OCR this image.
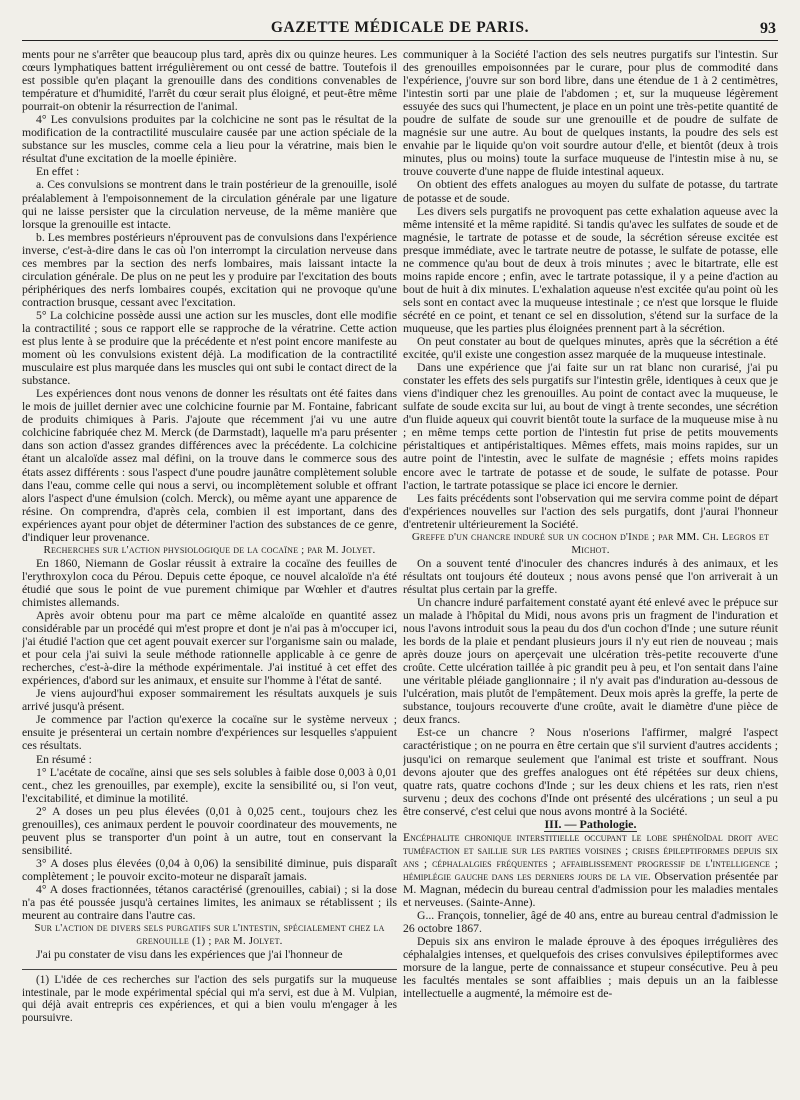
GAZETTE MÉDICALE DE PARIS.	93

ments pour ne s'arrêter que beaucoup plus tard, après dix ou quinze heures. Les cœurs lymphatiques battent irrégulièrement ou ont cessé de battre. Toutefois il est possible qu'en plaçant la grenouille dans des conditions convenables de température et d'humidité, l'arrêt du cœur serait plus éloigné, et peut-être même pourrait-on obtenir la résurrection de l'animal.

4° Les convulsions produites par la colchicine ne sont pas le résultat de la modification de la contractilité musculaire causée par une action spéciale de la substance sur les muscles, comme cela a lieu pour la vératrine, mais bien le résultat d'une excitation de la moelle épinière.

En effet :

a. Ces convulsions se montrent dans le train postérieur de la grenouille, isolé préalablement à l'empoisonnement de la circulation générale par une ligature qui ne laisse persister que la circulation nerveuse, de la même manière que lorsque la grenouille est intacte.

b. Les membres postérieurs n'éprouvent pas de convulsions dans l'expérience inverse, c'est-à-dire dans le cas où l'on interrompt la circulation nerveuse dans ces membres par la section des nerfs lombaires, mais laissant intacte la circulation générale. De plus on ne peut les y produire par l'excitation des bouts périphériques des nerfs lombaires coupés, excitation qui ne provoque qu'une contraction brusque, cessant avec l'excitation.

5° La colchicine possède aussi une action sur les muscles, dont elle modifie la contractilité ; sous ce rapport elle se rapproche de la vératrine. Cette action est plus lente à se produire que la précédente et n'est point encore manifeste au moment où les convulsions existent déjà. La modification de la contractilité musculaire est plus marquée dans les muscles qui ont subi le contact direct de la substance.

Les expériences dont nous venons de donner les résultats ont été faites dans le mois de juillet dernier avec une colchicine fournie par M. Fontaine, fabricant de produits chimiques à Paris. J'ajoute que récemment j'ai vu une autre colchicine fabriquée chez M. Merck (de Darmstadt), laquelle m'a paru présenter dans son action d'assez grandes différences avec la précédente. La colchicine étant un alcaloïde assez mal défini, on la trouve dans le commerce sous des états assez différents : sous l'aspect d'une poudre jaunâtre complètement soluble dans l'eau, comme celle qui nous a servi, ou incomplètement soluble et offrant alors l'aspect d'une émulsion (colch. Merck), ou même ayant une apparence de résine. On comprendra, d'après cela, combien il est important, dans des expériences ayant pour objet de déterminer l'action des substances de ce genre, d'indiquer leur provenance.

Recherches sur l'action physiologique de la cocaïne ; par M. Jolyet.

En 1860, Niemann de Goslar réussit à extraire la cocaïne des feuilles de l'erythroxylon coca du Pérou. Depuis cette époque, ce nouvel alcaloïde n'a été étudié que sous le point de vue purement chimique par Wœhler et d'autres chimistes allemands.

Après avoir obtenu pour ma part ce même alcaloïde en quantité assez considérable par un procédé qui m'est propre et dont je n'ai pas à m'occuper ici, j'ai étudié l'action que cet agent pouvait exercer sur l'organisme sain ou malade, et pour cela j'ai suivi la seule méthode rationnelle applicable à ce genre de recherches, c'est-à-dire la méthode expérimentale. J'ai institué à cet effet des expériences, d'abord sur les animaux, et ensuite sur l'homme à l'état de santé.

Je viens aujourd'hui exposer sommairement les résultats auxquels je suis arrivé jusqu'à présent.

Je commence par l'action qu'exerce la cocaïne sur le système nerveux ; ensuite je présenterai un certain nombre d'expériences sur lesquelles s'appuient ces résultats.

En résumé :

1° L'acétate de cocaïne, ainsi que ses sels solubles à faible dose 0,003 à 0,01 cent., chez les grenouilles, par exemple), excite la sensibilité ou, si l'on veut, l'excitabilité, et diminue la motilité.

2° A doses un peu plus élevées (0,01 à 0,025 cent., toujours chez les grenouilles), ces animaux perdent le pouvoir coordinateur des mouvements, ne peuvent plus se transporter d'un point à un autre, tout en conservant la sensibilité.

3° A doses plus élevées (0,04 à 0,06) la sensibilité diminue, puis disparaît complètement ; le pouvoir excito-moteur ne disparaît jamais.

4° A doses fractionnées, tétanos caractérisé (grenouilles, cabiai) ; si la dose n'a pas été poussée jusqu'à certaines limites, les animaux se rétablissent ; ils meurent au contraire dans l'autre cas.

Sur l'action de divers sels purgatifs sur l'intestin, spécialement chez la grenouille (1) ; par M. Jolyet.

J'ai pu constater de visu dans les expériences que j'ai l'honneur de

(1) L'idée de ces recherches sur l'action des sels purgatifs sur la muqueuse intestinale, par le mode expérimental spécial qui m'a servi, est due à M. Vulpian, qui déjà avait entrepris ces expériences, et qui a bien voulu m'engager à les poursuivre.

communiquer à la Société l'action des sels neutres purgatifs sur l'intestin. Sur des grenouilles empoisonnées par le curare, pour plus de commodité dans l'expérience, j'ouvre sur son bord libre, dans une étendue de 1 à 2 centimètres, l'intestin sorti par une plaie de l'abdomen ; et, sur la muqueuse légèrement essuyée des sucs qui l'humectent, je place en un point une très-petite quantité de poudre de sulfate de soude sur une grenouille et de poudre de sulfate de magnésie sur une autre. Au bout de quelques instants, la poudre des sels est envahie par le liquide qu'on voit sourdre autour d'elle, et bientôt (deux à trois minutes, plus ou moins) toute la surface muqueuse de l'intestin mise à nu, se trouve couverte d'une nappe de fluide intestinal aqueux.

On obtient des effets analogues au moyen du sulfate de potasse, du tartrate de potasse et de soude.

Les divers sels purgatifs ne provoquent pas cette exhalation aqueuse avec la même intensité et la même rapidité. Si tandis qu'avec les sulfates de soude et de magnésie, le tartrate de potasse et de soude, la sécrétion séreuse excitée est presque immédiate, avec le tartrate neutre de potasse, le sulfate de potasse, elle ne commence qu'au bout de deux à trois minutes ; avec le bitartrate, elle est moins rapide encore ; enfin, avec le tartrate potassique, il y a peine d'action au bout de huit à dix minutes. L'exhalation aqueuse n'est excitée qu'au point où les sels sont en contact avec la muqueuse intestinale ; ce n'est que lorsque le fluide sécrété en ce point, et tenant ce sel en dissolution, s'étend sur la surface de la muqueuse, que les parties plus éloignées prennent part à la sécrétion.

On peut constater au bout de quelques minutes, après que la sécrétion a été excitée, qu'il existe une congestion assez marquée de la muqueuse intestinale.

Dans une expérience que j'ai faite sur un rat blanc non curarisé, j'ai pu constater les effets des sels purgatifs sur l'intestin grêle, identiques à ceux que je viens d'indiquer chez les grenouilles. Au point de contact avec la muqueuse, le sulfate de soude excita sur lui, au bout de vingt à trente secondes, une sécrétion d'un fluide aqueux qui couvrit bientôt toute la surface de la muqueuse mise à nu ; en même temps cette portion de l'intestin fut prise de petits mouvements péristaltiques et antipéristaltiques. Mêmes effets, mais moins rapides, sur un autre point de l'intestin, avec le sulfate de magnésie ; effets moins rapides encore avec le tartrate de potasse et de soude, le sulfate de potasse. Pour l'action, le tartrate potassique se place ici encore le dernier.

Les faits précédents sont l'observation qui me servira comme point de départ d'expériences nouvelles sur l'action des sels purgatifs, dont j'aurai l'honneur d'entretenir ultérieurement la Société.

Greffe d'un chancre induré sur un cochon d'Inde ; par MM. Ch. Legros et Michot.

On a souvent tenté d'inoculer des chancres indurés à des animaux, et les résultats ont toujours été douteux ; nous avons pensé que l'on arriverait à un résultat plus certain par la greffe.

Un chancre induré parfaitement constaté ayant été enlevé avec le prépuce sur un malade à l'hôpital du Midi, nous avons pris un fragment de l'induration et nous l'avons introduit sous la peau du dos d'un cochon d'Inde ; une suture réunit les bords de la plaie et pendant plusieurs jours il n'y eut rien de nouveau ; mais après douze jours on aperçevait une ulcération très-petite recouverte d'une croûte. Cette ulcération taillée à pic grandit peu à peu, et l'on sentait dans l'aine une véritable pléiade ganglionnaire ; il n'y avait pas d'induration au-dessous de l'ulcération, mais plutôt de l'empâtement. Deux mois après la greffe, la perte de substance, toujours recouverte d'une croûte, avait le diamètre d'une pièce de deux francs.

Est-ce un chancre ? Nous n'oserions l'affirmer, malgré l'aspect caractéristique ; on ne pourra en être certain que s'il survient d'autres accidents ; jusqu'ici on remarque seulement que l'animal est triste et souffrant. Nous devons ajouter que des greffes analogues ont été répétées sur deux chiens, quatre rats, quatre cochons d'Inde ; sur les deux chiens et les rats, rien n'est survenu ; deux des cochons d'Inde ont présenté des ulcérations ; un seul a pu être conservé, c'est celui que nous avons montré à la Société.

III. — Pathologie.

Encéphalite chronique interstitielle occupant le lobe sphénoïdal droit avec tuméfaction et saillie sur les parties voisines ; crises épileptiformes depuis six ans ; céphalalgies fréquentes ; affaiblissement progressif de l'intelligence ; hémiplégie gauche dans les derniers jours de la vie. Observation présentée par M. Magnan, médecin du bureau central d'admission pour les maladies mentales et nerveuses. (Sainte-Anne).

G... François, tonnelier, âgé de 40 ans, entre au bureau central d'admission le 26 octobre 1867.

Depuis six ans environ le malade éprouve à des époques irrégulières des céphalalgies intenses, et quelquefois des crises convulsives épileptiformes avec morsure de la langue, perte de connaissance et stupeur consécutive. Peu à peu les facultés mentales se sont affaiblies ; mais depuis un an la faiblesse intellectuelle a augmenté, la mémoire est de-
